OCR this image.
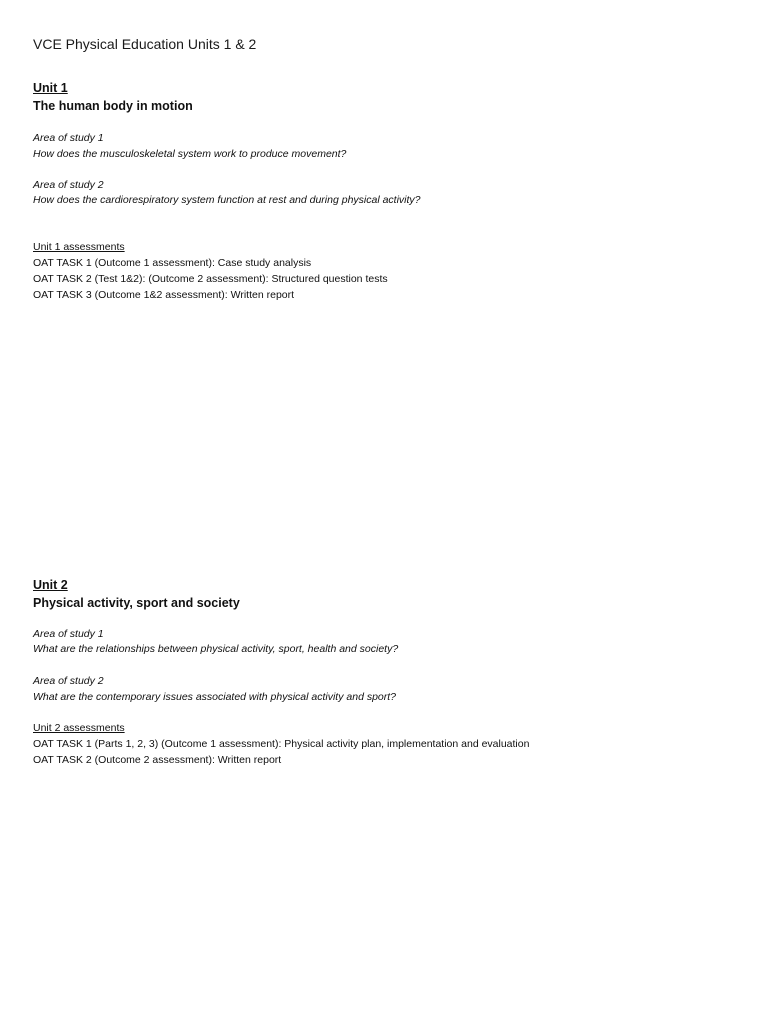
VCE Physical Education Units 1 & 2

Unit 1

The human body in motion

Area of study 1

How does the musculoskeletal system work to produce movement?

Area of study 2

How does the cardiorespiratory system function at rest and during physical activity?

Unit 1 assessments

OAT TASK 1 (Outcome 1 assessment): Case study analysis

OAT TASK 2 (Test 1&2): (Outcome 2 assessment): Structured question tests

OAT TASK 3 (Outcome 1&2 assessment): Written report

Unit 2

Physical activity, sport and society

Area of study 1

What are the relationships between physical activity, sport, health and society?

Area of study 2

What are the contemporary issues associated with physical activity and sport?

Unit 2 assessments

OAT TASK 1 (Parts 1, 2, 3) (Outcome 1 assessment): Physical activity plan, implementation and evaluation

OAT TASK 2 (Outcome 2 assessment): Written report
